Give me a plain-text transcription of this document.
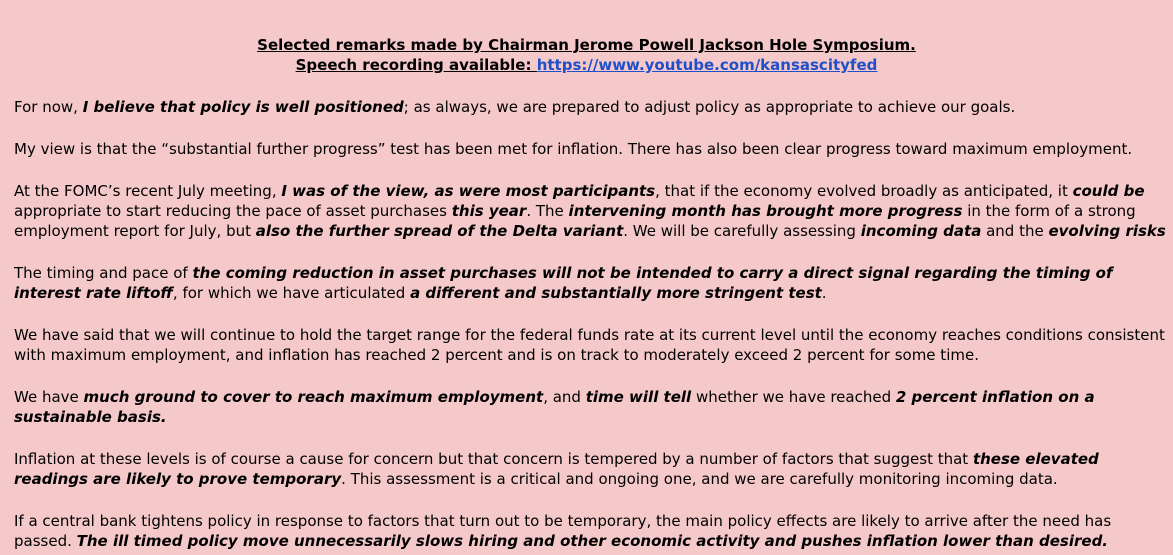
Selected remarks made by Chairman Jerome Powell Jackson Hole Symposium.
Speech recording available: https://www.youtube.com/kansascityfed
For now, I believe that policy is well positioned; as always, we are prepared to adjust policy as appropriate to achieve our goals.
My view is that the “substantial further progress” test has been met for inflation. There has also been clear progress toward maximum employment.
At the FOMC’s recent July meeting, I was of the view, as were most participants, that if the economy evolved broadly as anticipated, it could be
appropriate to start reducing the pace of asset purchases this year. The intervening month has brought more progress in the form of a strong
employment report for July, but also the further spread of the Delta variant. We will be carefully assessing incoming data and the evolving risks
The timing and pace of the coming reduction in asset purchases will not be intended to carry a direct signal regarding the timing of
interest rate liftoff, for which we have articulated a different and substantially more stringent test.
We have said that we will continue to hold the target range for the federal funds rate at its current level until the economy reaches conditions consistent
with maximum employment, and inflation has reached 2 percent and is on track to moderately exceed 2 percent for some time.
We have much ground to cover to reach maximum employment, and time will tell whether we have reached 2 percent inflation on a
sustainable basis.
Inflation at these levels is of course a cause for concern but that concern is tempered by a number of factors that suggest that these elevated
readings are likely to prove temporary. This assessment is a critical and ongoing one, and we are carefully monitoring incoming data.
If a central bank tightens policy in response to factors that turn out to be temporary, the main policy effects are likely to arrive after the need has
passed. The ill timed policy move unnecessarily slows hiring and other economic activity and pushes inflation lower than desired.
